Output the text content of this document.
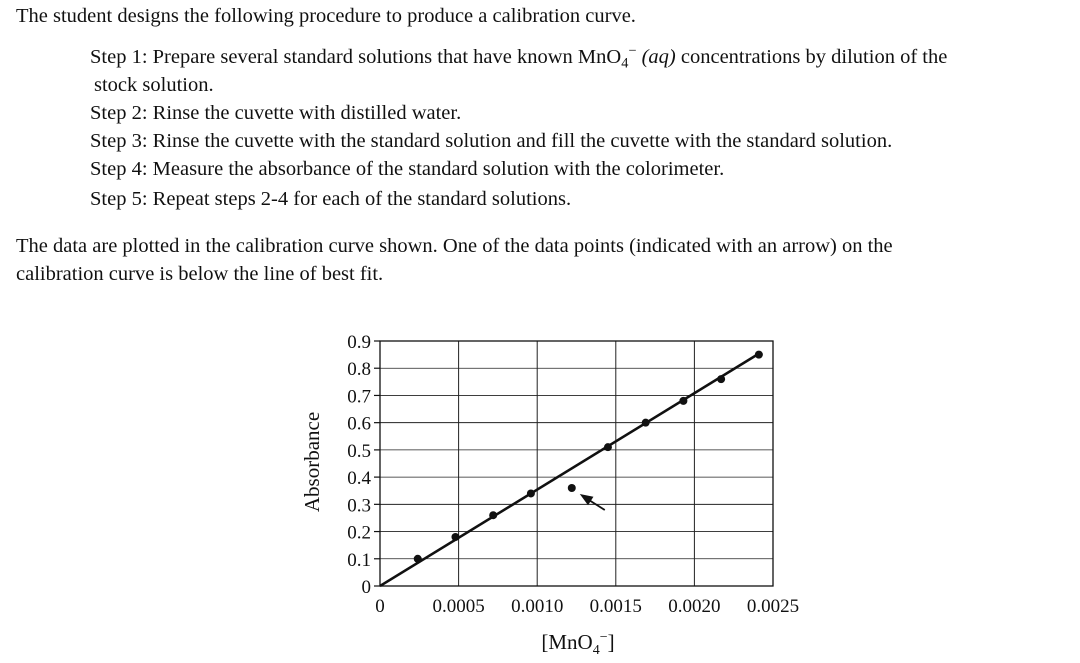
The student designs the following procedure to produce a calibration curve.
Step 1: Prepare several standard solutions that have known MnO$_4$− (aq) concentrations by dilution of the
stock solution.
Step 2: Rinse the cuvette with distilled water.
Step 3: Rinse the cuvette with the standard solution and fill the cuvette with the standard solution.
Step 4: Measure the absorbance of the standard solution with the colorimeter.
Step 5: Repeat steps 2-4 for each of the standard solutions.
The data are plotted in the calibration curve shown. One of the data points (indicated with an arrow) on the
calibration curve is below the line of best fit.
0
0.1
0.2
0.3
0.4
0.5
0.6
0.7
0.8
0.9
0	0.0005 0.0010 0.0015 0.0020 0.0025
Absorbance
[MnO4−]
